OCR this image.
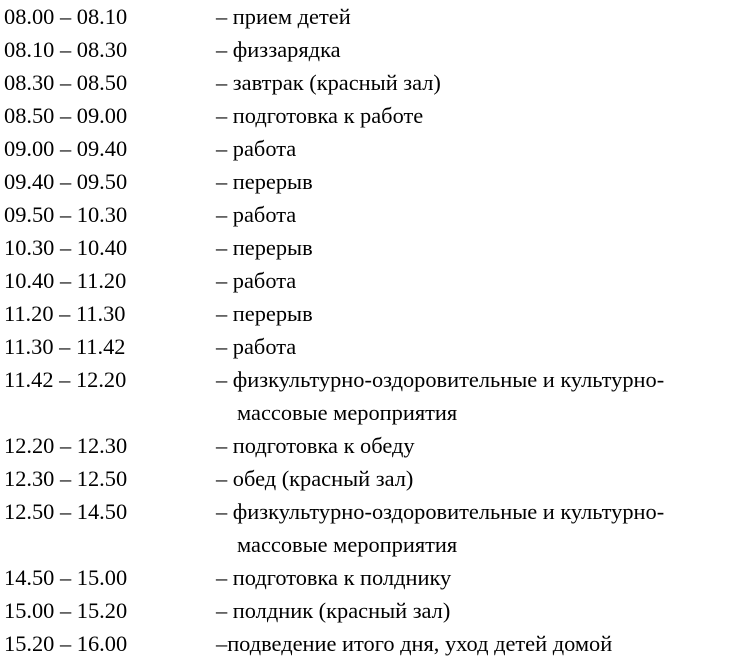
08.00 – 08.10	– прием детей
08.10 – 08.30	– физзарядка
08.30 – 08.50	– завтрак (красный зал)
08.50 – 09.00	– подготовка к работе
09.00 – 09.40	– работа
09.40 – 09.50	– перерыв
09.50 – 10.30	– работа
10.30 – 10.40	– перерыв
10.40 – 11.20	– работа
11.20 – 11.30	– перерыв
11.30 – 11.42	– работа
11.42 – 12.20	– физкультурно-оздоровительные и культурно-
массовые мероприятия
12.20 – 12.30	– подготовка к обеду
12.30 – 12.50	– обед (красный зал)
12.50 – 14.50	– физкультурно-оздоровительные и культурно-
массовые мероприятия
14.50 – 15.00	– подготовка к полднику
15.00 – 15.20	– полдник (красный зал)
15.20 – 16.00	–подведение итого дня, уход детей домой
